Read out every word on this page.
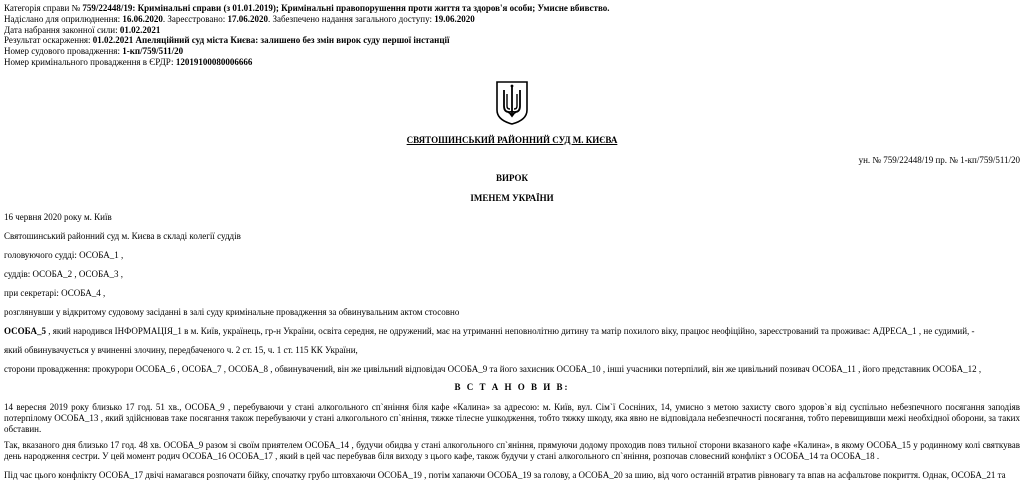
Категорія справи № 759/22448/19: Кримінальні справи (з 01.01.2019); Кримінальні правопорушення проти життя та здоров'я особи; Умисне вбивство.
Надіслано для оприлюднення: 16.06.2020. Зареєстровано: 17.06.2020. Забезпечено надання загального доступу: 19.06.2020
Дата набрання законної сили: 01.02.2021
Результат оскарження: 01.02.2021 Апеляційний суд міста Києва: залишено без змін вирок суду першої інстанції
Номер судового провадження: 1-кп/759/511/20
Номер кримінального провадження в ЄРДР: 12019100080006666
СВЯТОШИНСЬКИЙ РАЙОННИЙ СУД М. КИЄВА
ун. № 759/22448/19 пр. № 1-кп/759/511/20
ВИРОК
ІМЕНЕМ УКРАЇНИ
16 червня 2020 року м. Київ
Святошинський районний суд м. Києва в складі колегії суддів
головуючого судді: ОСОБА_1 ,
суддів: ОСОБА_2 , ОСОБА_3 ,
при секретарі: ОСОБА_4 ,
розглянувши у відкритому судовому засіданні в залі суду кримінальне провадження за обвинувальним актом стосовно
ОСОБА_5 , який народився ІНФОРМАЦІЯ_1 в м. Київ, українець, гр-н України, освіта середня, не одружений, має на утриманні неповнолітню дитину та матір похилого віку, працює неофіційно, зареєстрований та проживає: АДРЕСА_1 , не судимий, -
який обвинувачується у вчиненні злочину, передбаченого ч. 2 ст. 15, ч. 1 ст. 115 КК України,
сторони провадження: прокурори ОСОБА_6 , ОСОБА_7 , ОСОБА_8 , обвинувачений, він же цивільний відповідач ОСОБА_9 та його захисник ОСОБА_10 , інші учасники потерпілий, він же цивільний позивач ОСОБА_11 , його представник ОСОБА_12 ,
В С Т А Н О В И В:
14 вересня 2019 року близько 17 год. 51 хв., ОСОБА_9 , перебуваючи у стані алкогольного сп`яніння біля кафе «Калина» за адресою: м. Київ, вул. Сім`ї Сосніних, 14, умисно з метою захисту свого здоров`я від суспільно небезпечного посягання заподіяв потерпілому ОСОБА_13 , який здійснював таке посягання також перебуваючи у стані алкогольного сп`яніння, тяжке тілесне ушкодження, тобто тяжку шкоду, яка явно не відповідала небезпечності посягання, тобто перевищивши межі необхідної оборони, за таких обставин.
Так, вказаного дня близько 17 год. 48 хв. ОСОБА_9 разом зі своїм приятелем ОСОБА_14 , будучи обидва у стані алкогольного сп`яніння, прямуючи додому проходив повз тильної сторони вказаного кафе «Калина», в якому ОСОБА_15 у родинному колі святкував день народження сестри. У цей момент родич ОСОБА_16 ОСОБА_17 , який в цей час перебував біля виходу з цього кафе, також будучи у стані алкогольного сп`яніння, розпочав словесний конфлікт з ОСОБА_14 та ОСОБА_18 .
Під час цього конфлікту ОСОБА_17 двічі намагався розпочати бійку, спочатку грубо штовхаючи ОСОБА_19 , потім хапаючи ОСОБА_19 за голову, а ОСОБА_20 за шию, від чого останній втратив рівновагу та впав на асфальтове покриття. Однак, ОСОБА_21 та
